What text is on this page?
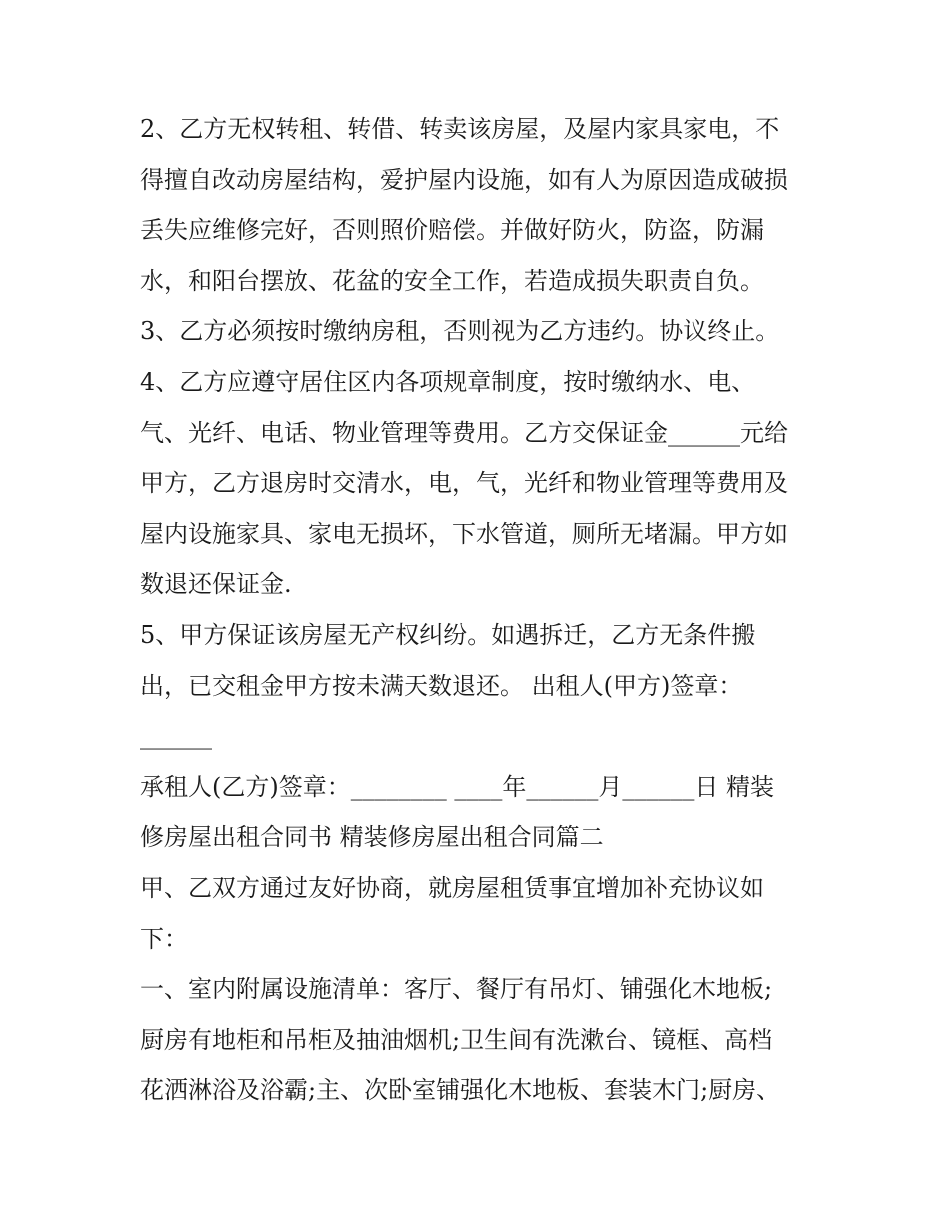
2、乙方无权转租、转借、转卖该房屋，及屋内家具家电，不
得擅自改动房屋结构，爱护屋内设施，如有人为原因造成破损
丢失应维修完好，否则照价赔偿。并做好防火，防盗，防漏
水，和阳台摆放、花盆的安全工作，若造成损失职责自负。
3、乙方必须按时缴纳房租，否则视为乙方违约。协议终止。
4、乙方应遵守居住区内各项规章制度，按时缴纳水、电、
气、光纤、电话、物业管理等费用。乙方交保证金______元给
甲方，乙方退房时交清水，电，气，光纤和物业管理等费用及
屋内设施家具、家电无损坏，下水管道，厕所无堵漏。甲方如
数退还保证金.
5、甲方保证该房屋无产权纠纷。如遇拆迁，乙方无条件搬
出，已交租金甲方按未满天数退还。 出租人(甲方)签章：
______
承租人(乙方)签章：________ ____年______月______日 精装
修房屋出租合同书 精装修房屋出租合同篇二
甲、乙双方通过友好协商，就房屋租赁事宜增加补充协议如
下：
一、室内附属设施清单：客厅、餐厅有吊灯、铺强化木地板;
厨房有地柜和吊柜及抽油烟机;卫生间有洗漱台、镜框、高档
花洒淋浴及浴霸;主、次卧室铺强化木地板、套装木门;厨房、
